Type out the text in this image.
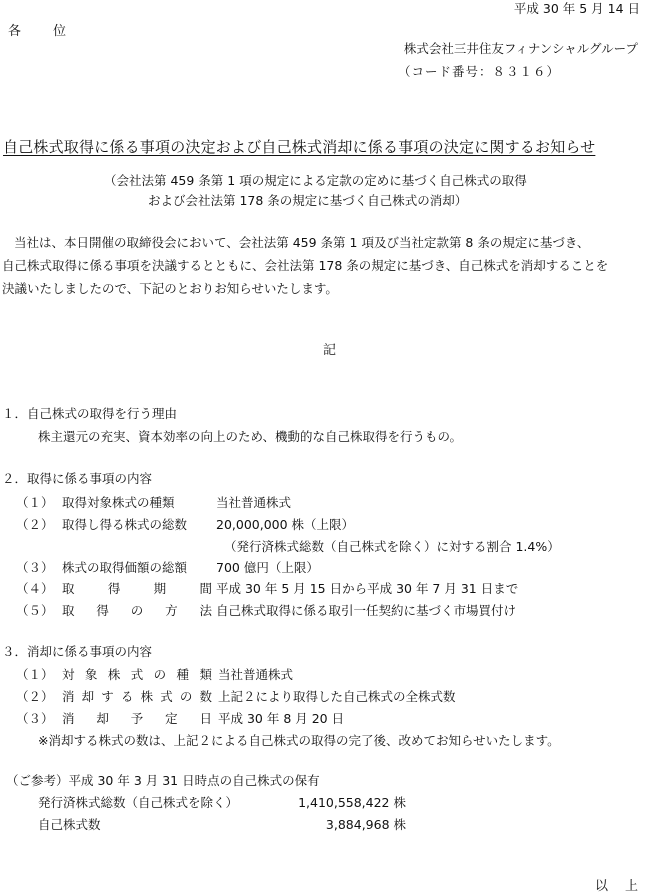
平成 30 年 5 月 14 日
各　　位
株式会社三井住友フィナンシャルグループ
（コード番号：８３１６）
自己株式取得に係る事項の決定および自己株式消却に係る事項の決定に関するお知らせ
（会社法第 459 条第 1 項の規定による定款の定めに基づく自己株式の取得
および会社法第 178 条の規定に基づく自己株式の消却）
当社は、本日開催の取締役会において、会社法第 459 条第 1 項及び当社定款第 8 条の規定に基づき、
自己株式取得に係る事項を決議するとともに、会社法第 178 条の規定に基づき、自己株式を消却することを
決議いたしましたので、下記のとおりお知らせいたします。
記
１．自己株式の取得を行う理由
株主還元の充実、資本効率の向上のため、機動的な自己株取得を行うもの。
２．取得に係る事項の内容
（１） 取得対象株式の種類	当社普通株式
（２） 取得し得る株式の総数 20,000,000 株（上限）
（発行済株式総数（自己株式を除く）に対する割合 1.4%）
（３） 株式の取得価額の総額 700 億円（上限）
（４） 取	得	期	間 平成 30 年 5 月 15 日から平成 30 年 7 月 31 日まで
（５） 取 得 の 方 法 自己株式取得に係る取引一任契約に基づく市場買付け
３．消却に係る事項の内容
（１） 対 象 株 式 の 種 類 当社普通株式
（２） 消 却 す る 株 式 の 数 上記２により取得した自己株式の全株式数
（３） 消 却 予 定 日 平成 30 年 8 月 20 日
※消却する株式の数は、上記２による自己株式の取得の完了後、改めてお知らせいたします。
（ご参考）平成 30 年 3 月 31 日時点の自己株式の保有
発行済株式総数（自己株式を除く）	1,410,558,422 株
自己株式数	3,884,968 株
以　上
